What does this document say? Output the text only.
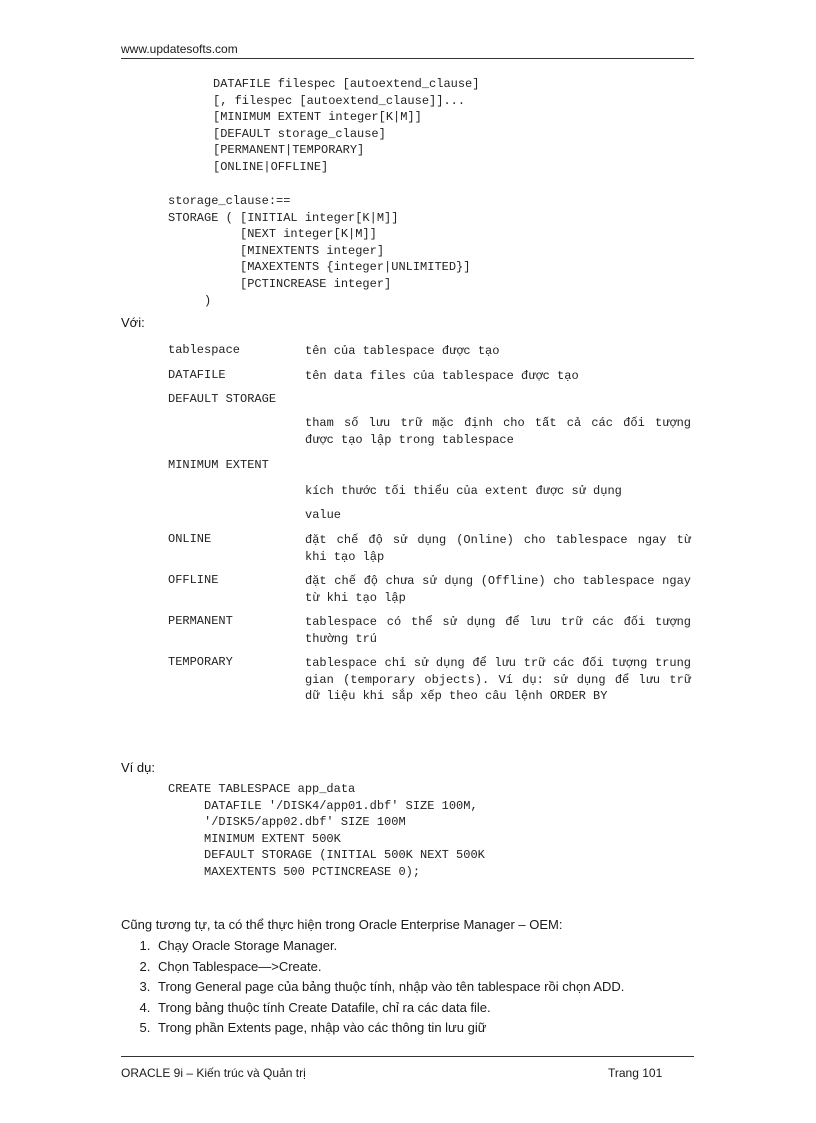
www.updatesofts.com
DATAFILE filespec [autoextend_clause]
[, filespec [autoextend_clause]]...
[MINIMUM EXTENT integer[K|M]]
[DEFAULT storage_clause]
[PERMANENT|TEMPORARY]
[ONLINE|OFFLINE]
storage_clause:==
STORAGE ( [INITIAL integer[K|M]]
[NEXT integer[K|M]]
[MINEXTENTS integer]
[MAXEXTENTS {integer|UNLIMITED}]
[PCTINCREASE integer]
)
Với:
tablespace	tên của tablespace được tạo
DATAFILE	tên data files của tablespace được tạo
DEFAULT STORAGE
tham số lưu trữ mặc định cho tất cả các đối tượng được tạo lập trong tablespace
MINIMUM EXTENT
kích thước tối thiểu của extent được sử dụng
value
ONLINE	đặt chế độ sử dụng (Online) cho tablespace ngay từ khi tạo lập
OFFLINE	đặt chế độ chưa sử dụng (Offline) cho tablespace ngay từ khi tạo lập
PERMANENT	tablespace có thể sử dụng để lưu trữ các đối tượng thường trú
TEMPORARY	tablespace chỉ sử dụng để lưu trữ các đối tượng trung gian (temporary objects). Ví dụ: sử dụng để lưu trữ dữ liệu khi sắp xếp theo câu lệnh ORDER BY
Ví dụ:
CREATE TABLESPACE app_data
DATAFILE '/DISK4/app01.dbf' SIZE 100M,
'/DISK5/app02.dbf' SIZE 100M
MINIMUM EXTENT 500K
DEFAULT STORAGE (INITIAL 500K NEXT 500K
MAXEXTENTS 500 PCTINCREASE 0);
Cũng tương tự, ta có thể thực hiện trong Oracle Enterprise Manager – OEM:
1. Chạy Oracle Storage Manager.
2. Chọn Tablespace—>Create.
3. Trong General page của bảng thuộc tính, nhập vào tên tablespace rồi chọn ADD.
4. Trong bảng thuộc tính Create Datafile, chỉ ra các data file.
5. Trong phần Extents page, nhập vào các thông tin lưu giữ
ORACLE 9i – Kiến trúc và Quản trị	Trang 101
